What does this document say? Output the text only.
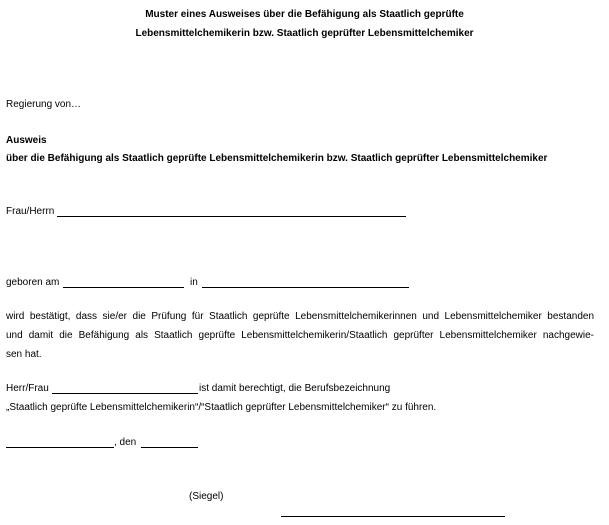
Muster eines Ausweises über die Befähigung als Staatlich geprüfte
Lebensmittelchemikerin bzw. Staatlich geprüfter Lebensmittelchemiker
Regierung von…
Ausweis
über die Befähigung als Staatlich geprüfte Lebensmittelchemikerin bzw. Staatlich geprüfter Lebensmittelchemiker
Frau/Herrn
geboren am	in
wird bestätigt, dass sie/er die Prüfung für Staatlich geprüfte Lebensmittelchemikerinnen und Lebensmittelchemiker bestanden
und damit die Befähigung als Staatlich geprüfte Lebensmittelchemikerin/Staatlich geprüfter Lebensmittelchemiker nachgewie-
sen hat.
Herr/Frau	ist damit berechtigt, die Berufsbezeichnung
„Staatlich geprüfte Lebensmittelchemikerin“/“Staatlich geprüfter Lebensmittelchemiker“ zu führen.
, den
(Siegel)
